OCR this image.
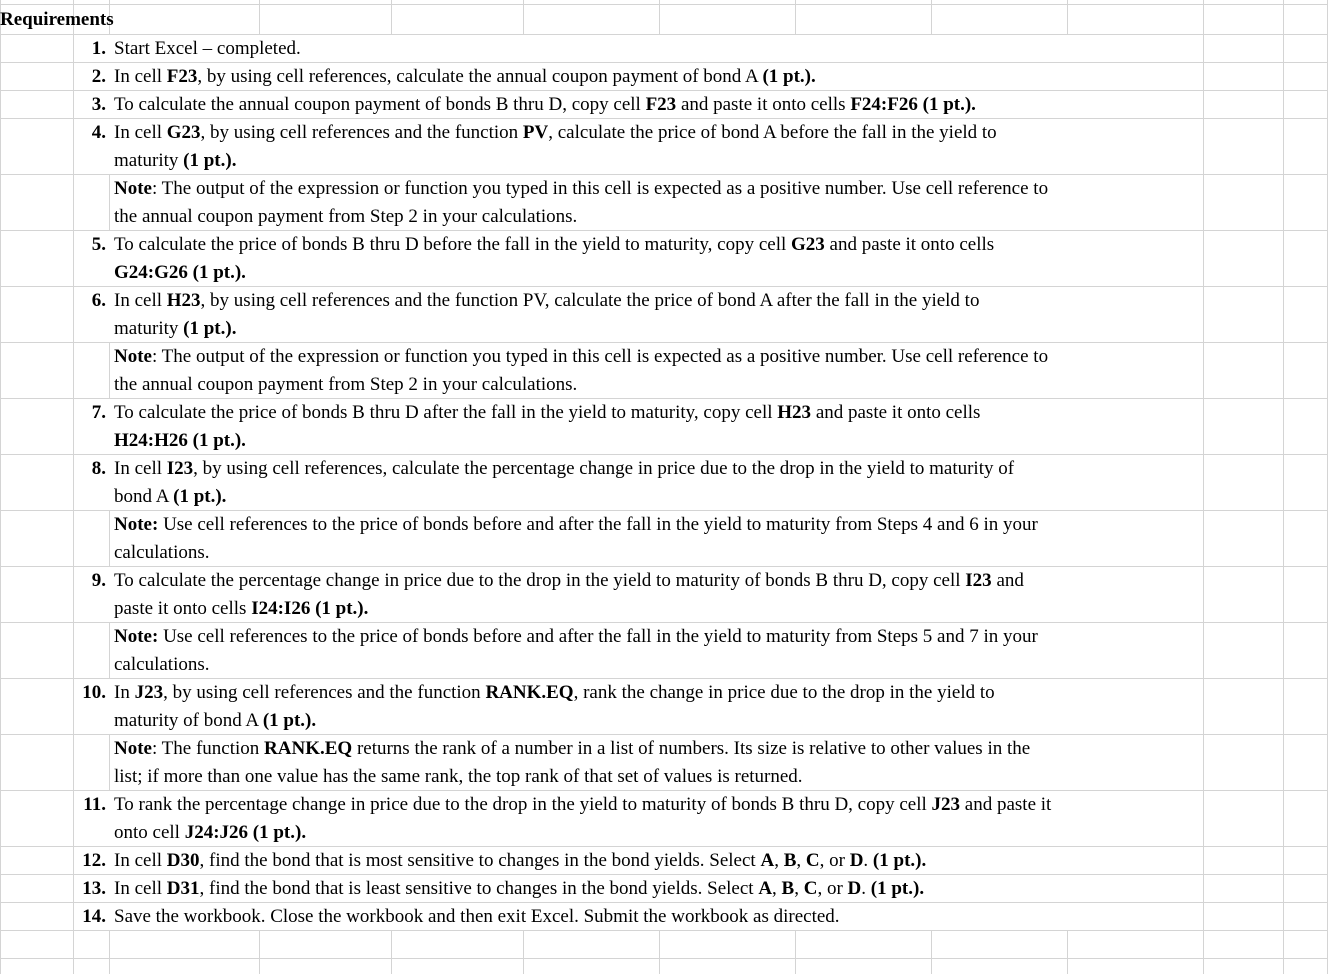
Requirements
1. Start Excel – completed.
2. In cell F23, by using cell references, calculate the annual coupon payment of bond A (1 pt.).
3. To calculate the annual coupon payment of bonds B thru D, copy cell F23 and paste it onto cells F24:F26 (1 pt.).
4. In cell G23, by using cell references and the function PV, calculate the price of bond A before the fall in the yield to
maturity (1 pt.).
Note: The output of the expression or function you typed in this cell is expected as a positive number. Use cell reference to
the annual coupon payment from Step 2 in your calculations.
5. To calculate the price of bonds B thru D before the fall in the yield to maturity, copy cell G23 and paste it onto cells
G24:G26 (1 pt.).
6. In cell H23, by using cell references and the function PV, calculate the price of bond A after the fall in the yield to
maturity (1 pt.).
Note: The output of the expression or function you typed in this cell is expected as a positive number. Use cell reference to
the annual coupon payment from Step 2 in your calculations.
7. To calculate the price of bonds B thru D after the fall in the yield to maturity, copy cell H23 and paste it onto cells
H24:H26 (1 pt.).
8. In cell I23, by using cell references, calculate the percentage change in price due to the drop in the yield to maturity of
bond A (1 pt.).
Note: Use cell references to the price of bonds before and after the fall in the yield to maturity from Steps 4 and 6 in your
calculations.
9. To calculate the percentage change in price due to the drop in the yield to maturity of bonds B thru D, copy cell I23 and
paste it onto cells I24:I26 (1 pt.).
Note: Use cell references to the price of bonds before and after the fall in the yield to maturity from Steps 5 and 7 in your
calculations.
10. In J23, by using cell references and the function RANK.EQ, rank the change in price due to the drop in the yield to
maturity of bond A (1 pt.).
Note: The function RANK.EQ returns the rank of a number in a list of numbers. Its size is relative to other values in the
list; if more than one value has the same rank, the top rank of that set of values is returned.
11. To rank the percentage change in price due to the drop in the yield to maturity of bonds B thru D, copy cell J23 and paste it
onto cell J24:J26 (1 pt.).
12. In cell D30, find the bond that is most sensitive to changes in the bond yields. Select A, B, C, or D. (1 pt.).
13. In cell D31, find the bond that is least sensitive to changes in the bond yields. Select A, B, C, or D. (1 pt.).
14. Save the workbook. Close the workbook and then exit Excel. Submit the workbook as directed.
